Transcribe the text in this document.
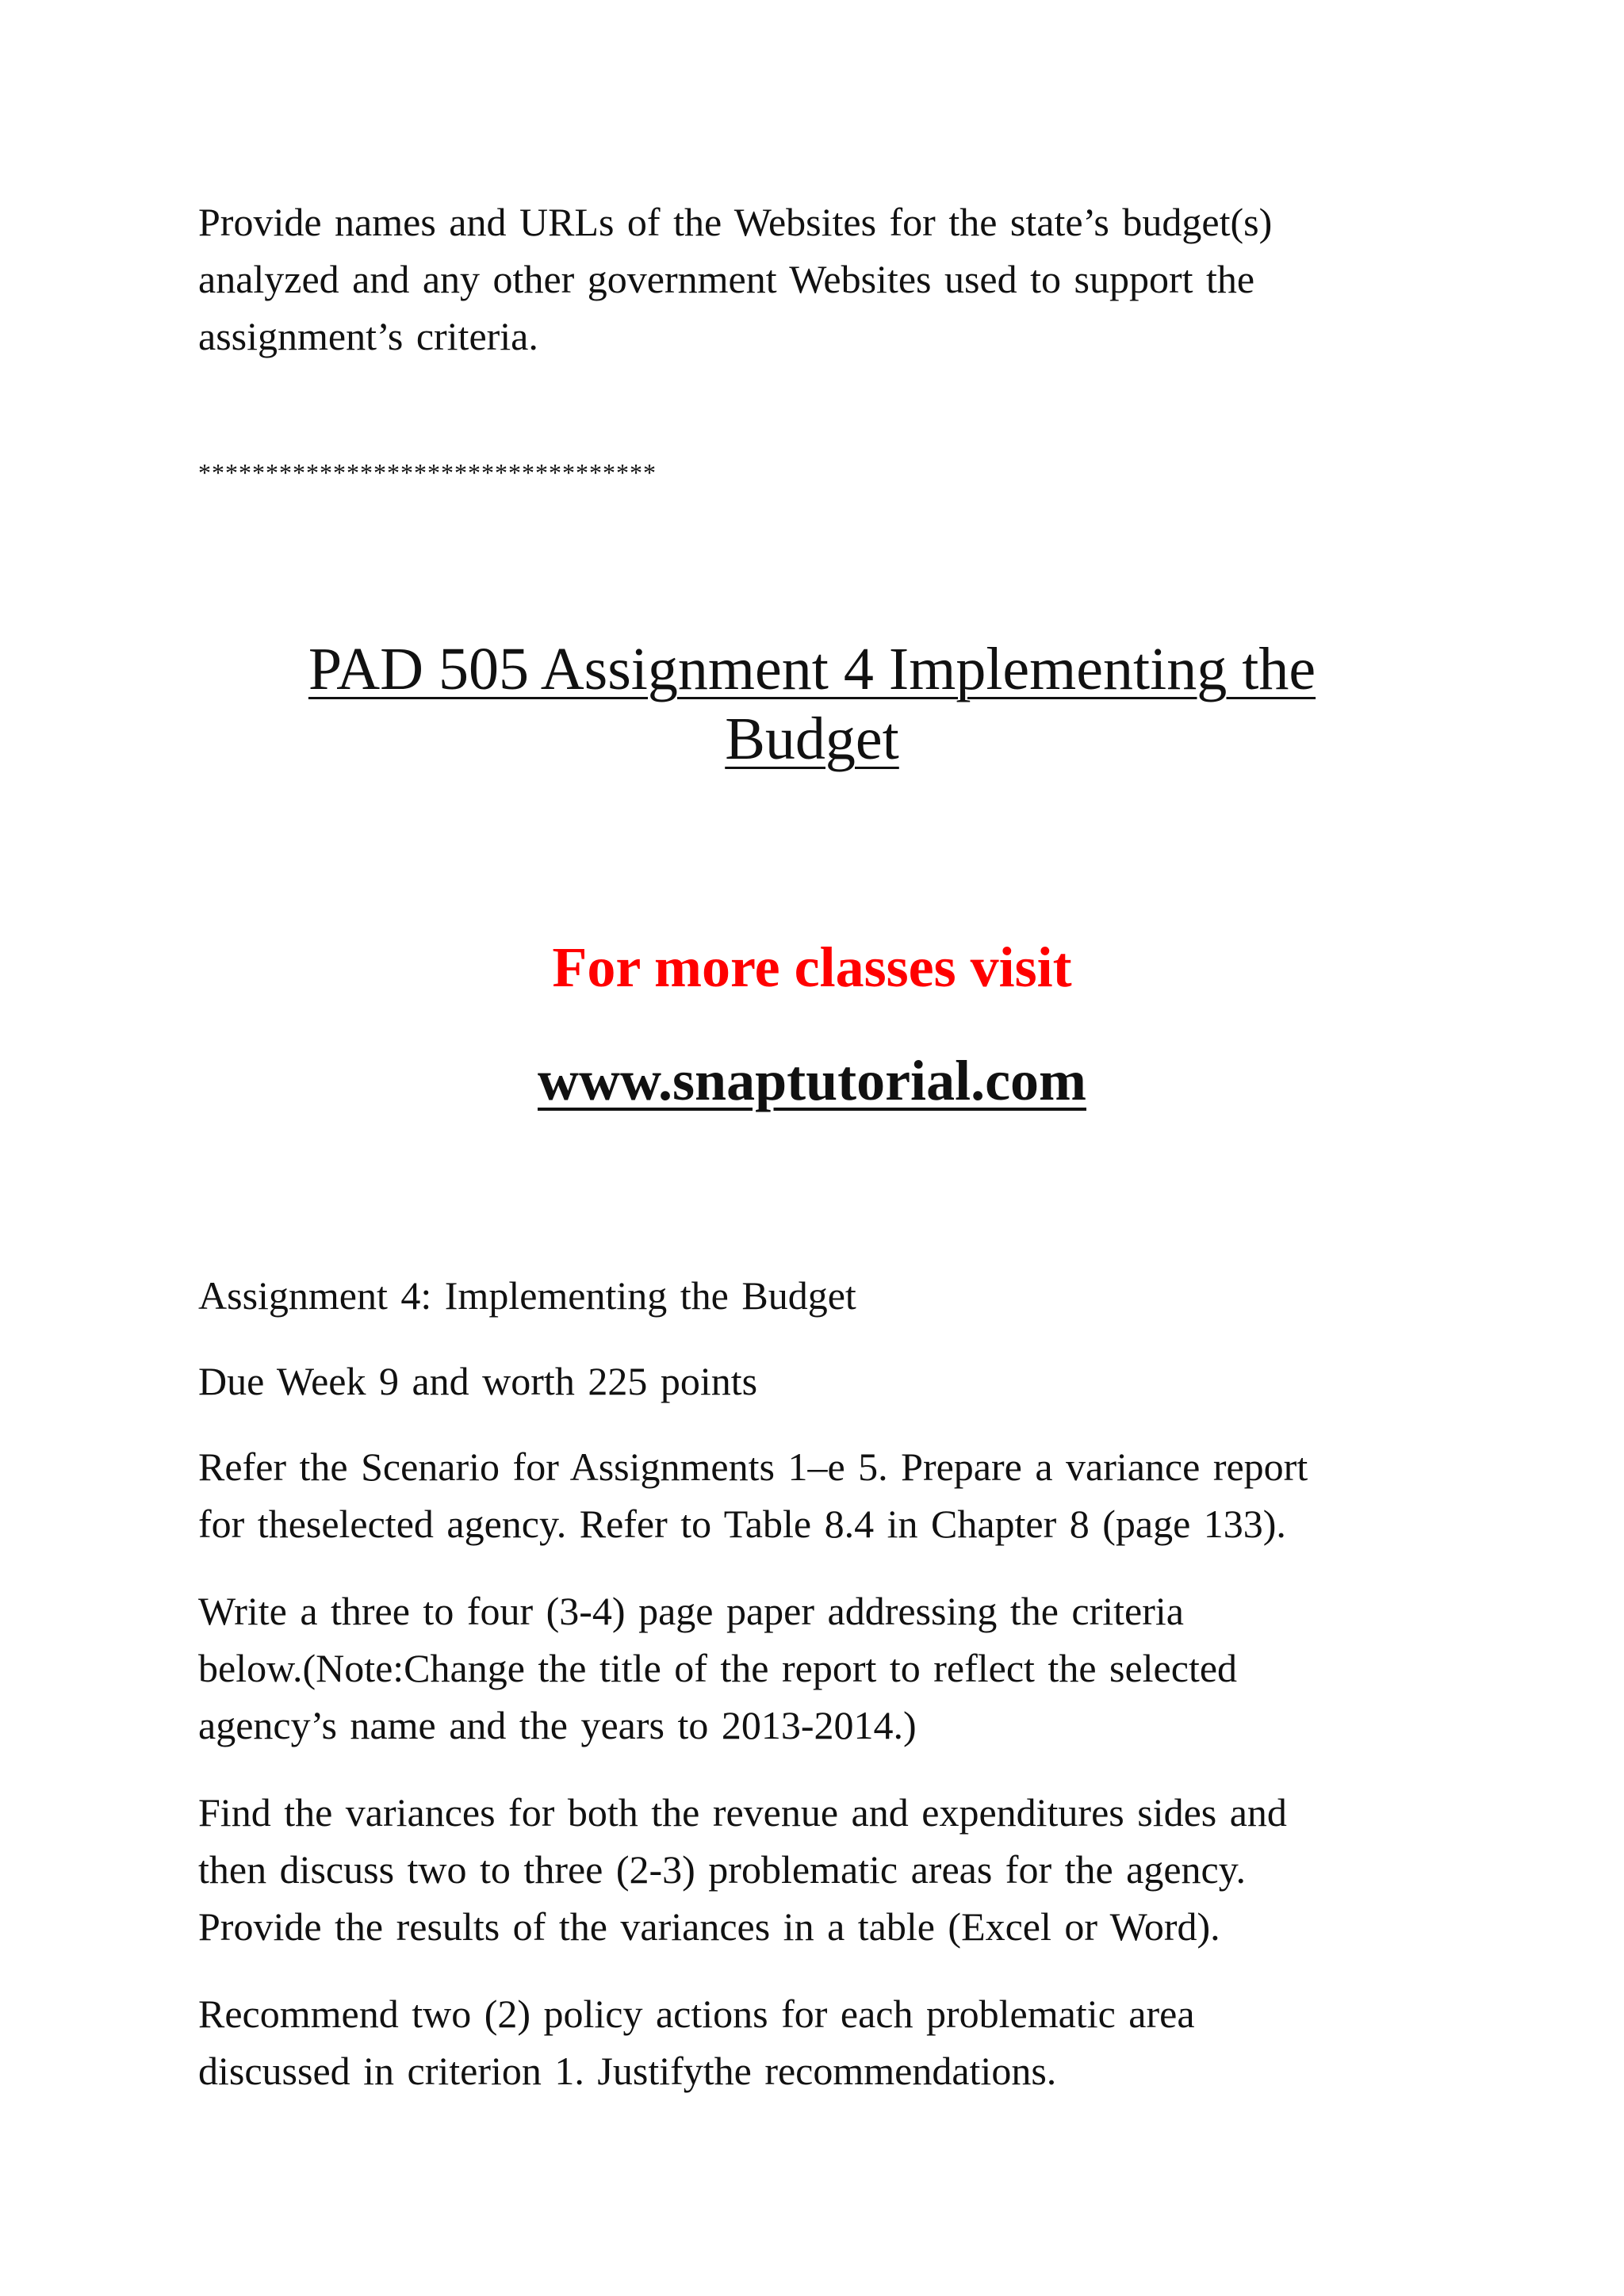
Provide names and URLs of the Websites for the state’s budget(s)
analyzed and any other government Websites used to support the
assignment’s criteria.

**********************************

PAD 505 Assignment 4 Implementing the
Budget

For more classes visit

www.snaptutorial.com

Assignment 4: Implementing the Budget

Due Week 9 and worth 225 points

Refer the Scenario for Assignments 1–e 5. Prepare a variance report
for theselected agency. Refer to Table 8.4 in Chapter 8 (page 133).

Write a three to four (3-4) page paper addressing the criteria
below.(Note:Change the title of the report to reflect the selected
agency’s name and the years to 2013-2014.)

Find the variances for both the revenue and expenditures sides and
then discuss two to three (2-3) problematic areas for the agency.
Provide the results of the variances in a table (Excel or Word).

Recommend two (2) policy actions for each problematic area
discussed in criterion 1. Justifythe recommendations.
